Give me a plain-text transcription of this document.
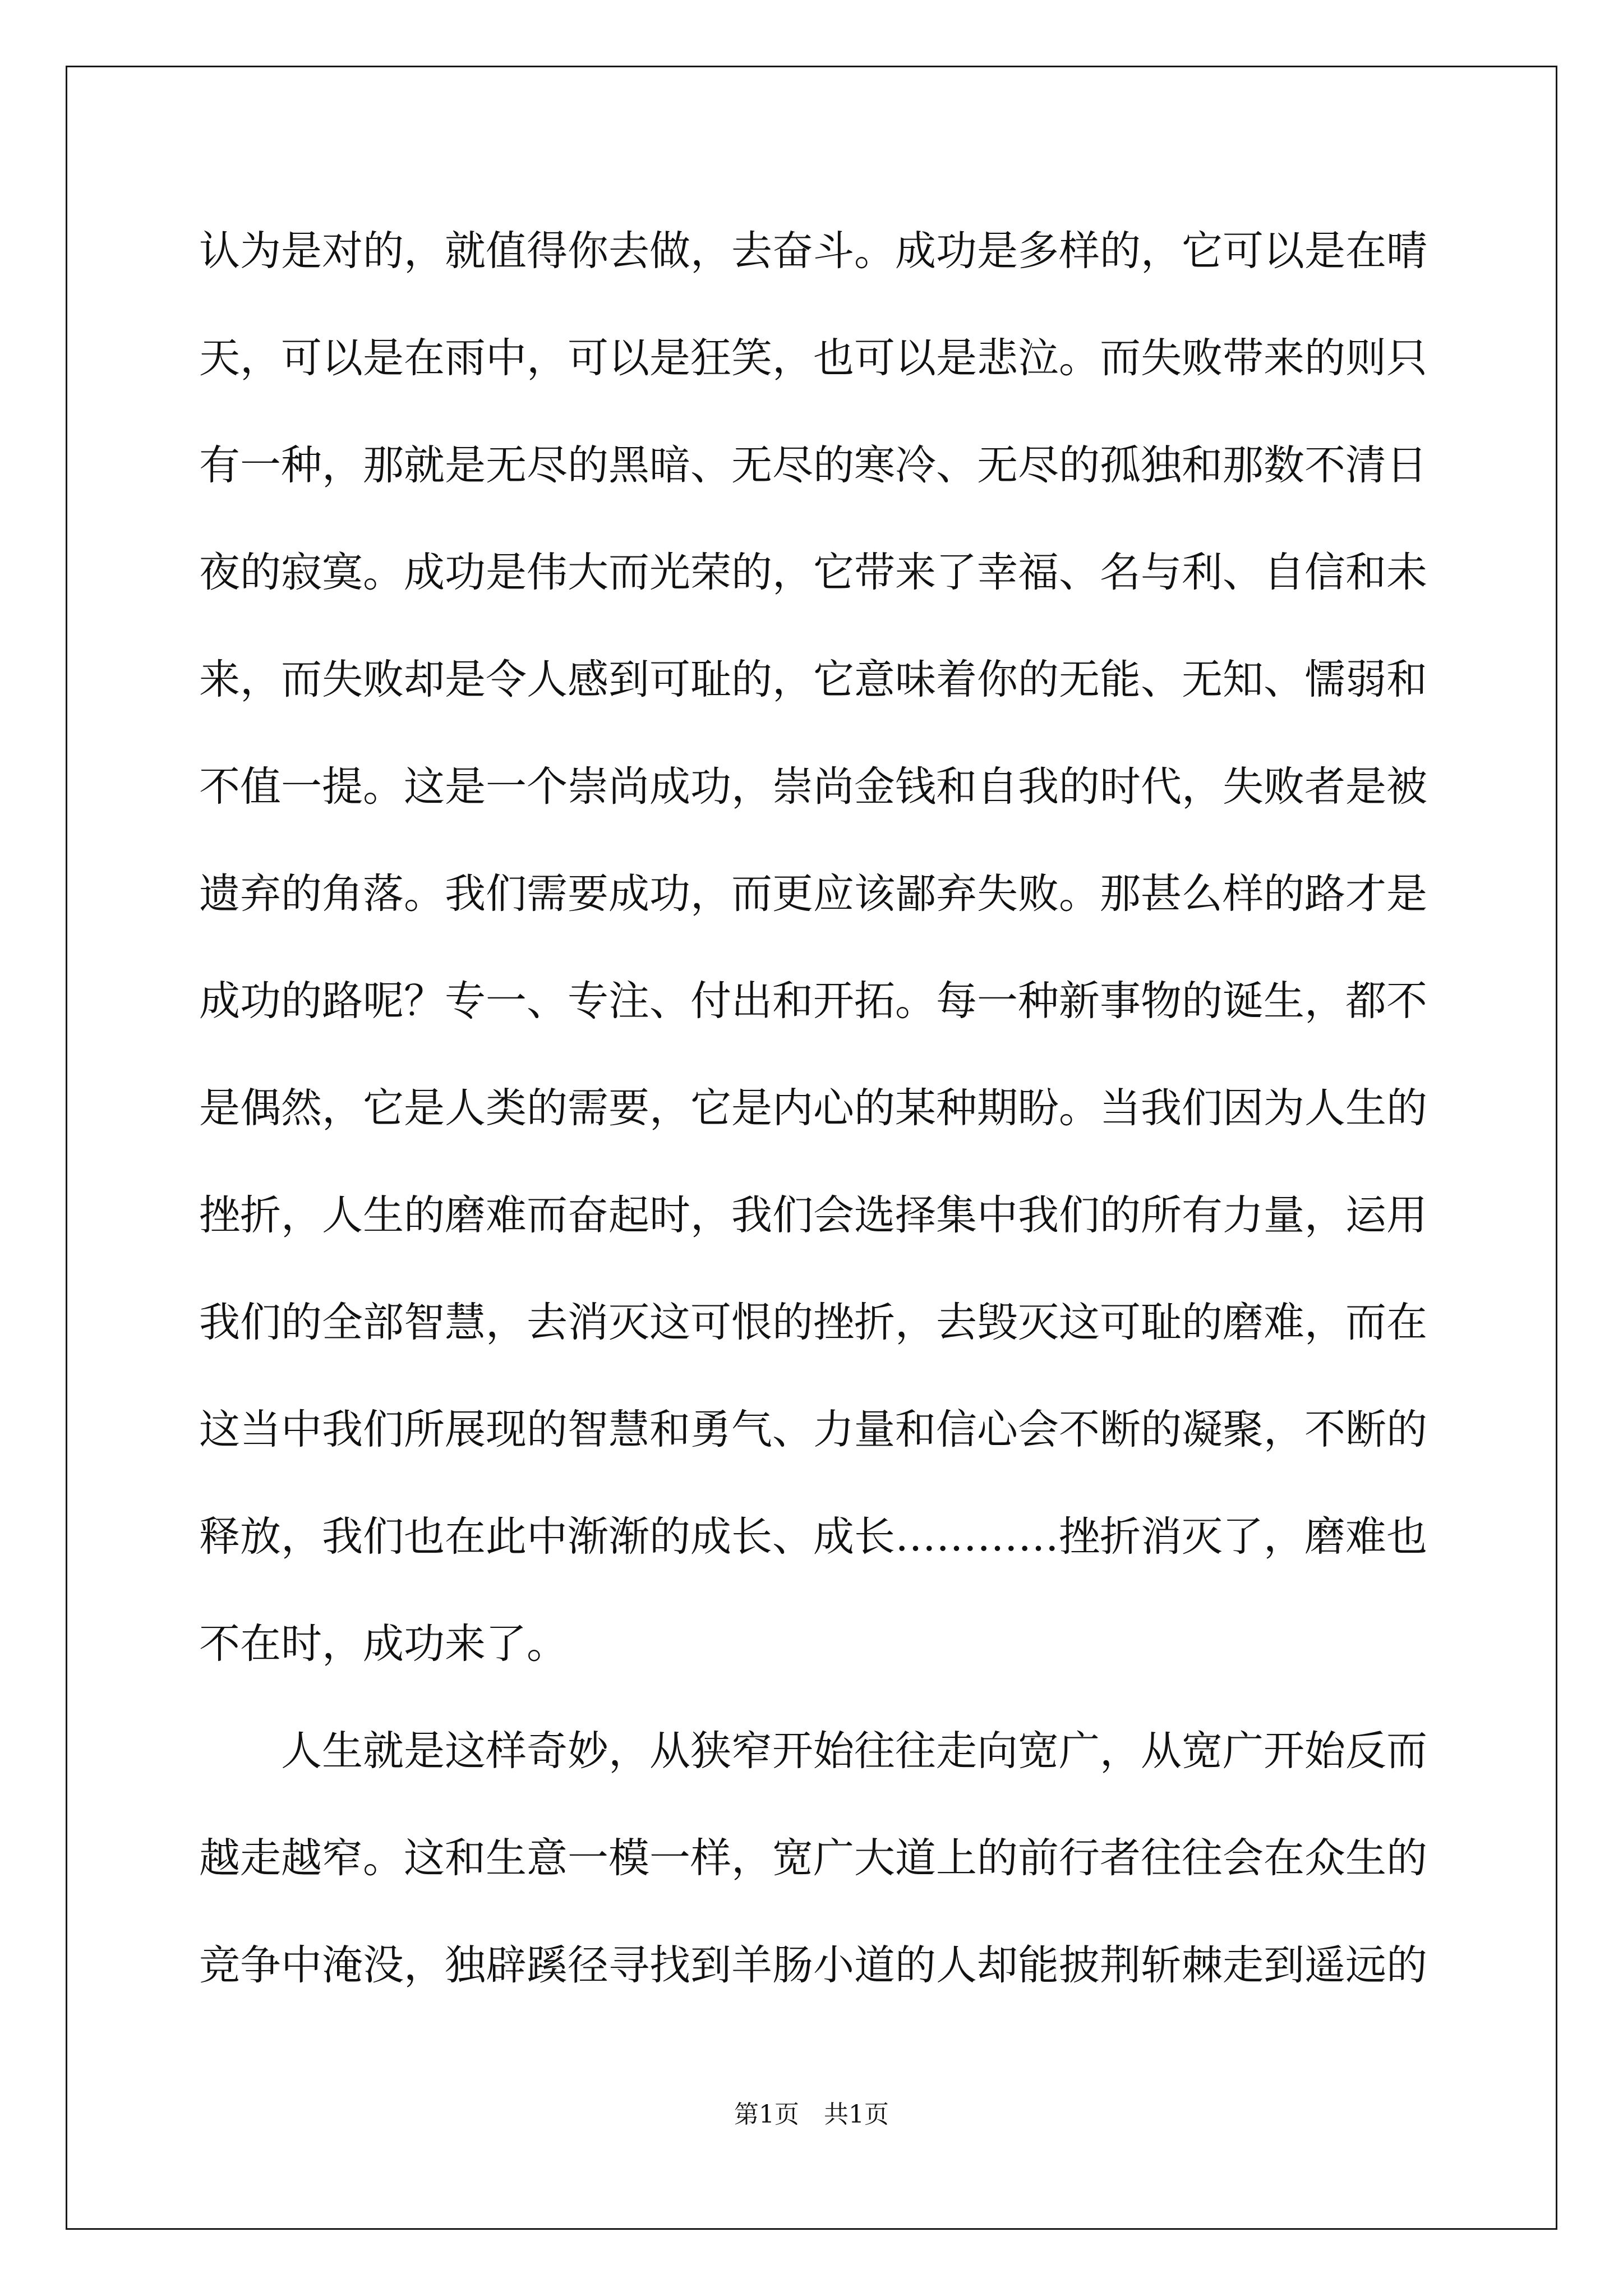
认为是对的，就值得你去做，去奋斗。成功是多样的，它可以是在晴
天，可以是在雨中，可以是狂笑，也可以是悲泣。而失败带来的则只
有一种，那就是无尽的黑暗、无尽的寒冷、无尽的孤独和那数不清日
夜的寂寞。成功是伟大而光荣的，它带来了幸福、名与利、自信和未
来，而失败却是令人感到可耻的，它意味着你的无能、无知、懦弱和
不值一提。这是一个崇尚成功，崇尚金钱和自我的时代，失败者是被
遗弃的角落。我们需要成功，而更应该鄙弃失败。那甚么样的路才是
成功的路呢？专一、专注、付出和开拓。每一种新事物的诞生，都不
是偶然，它是人类的需要，它是内心的某种期盼。当我们因为人生的
挫折，人生的磨难而奋起时，我们会选择集中我们的所有力量，运用
我们的全部智慧，去消灭这可恨的挫折，去毁灭这可耻的磨难，而在
这当中我们所展现的智慧和勇气、力量和信心会不断的凝聚，不断的
释放，我们也在此中渐渐的成长、成长…………挫折消灭了，磨难也
不在时，成功来了。
人生就是这样奇妙，从狭窄开始往往走向宽广，从宽广开始反而
越走越窄。这和生意一模一样，宽广大道上的前行者往往会在众生的
竞争中淹没，独辟蹊径寻找到羊肠小道的人却能披荆斩棘走到遥远的
第1页　共1页
